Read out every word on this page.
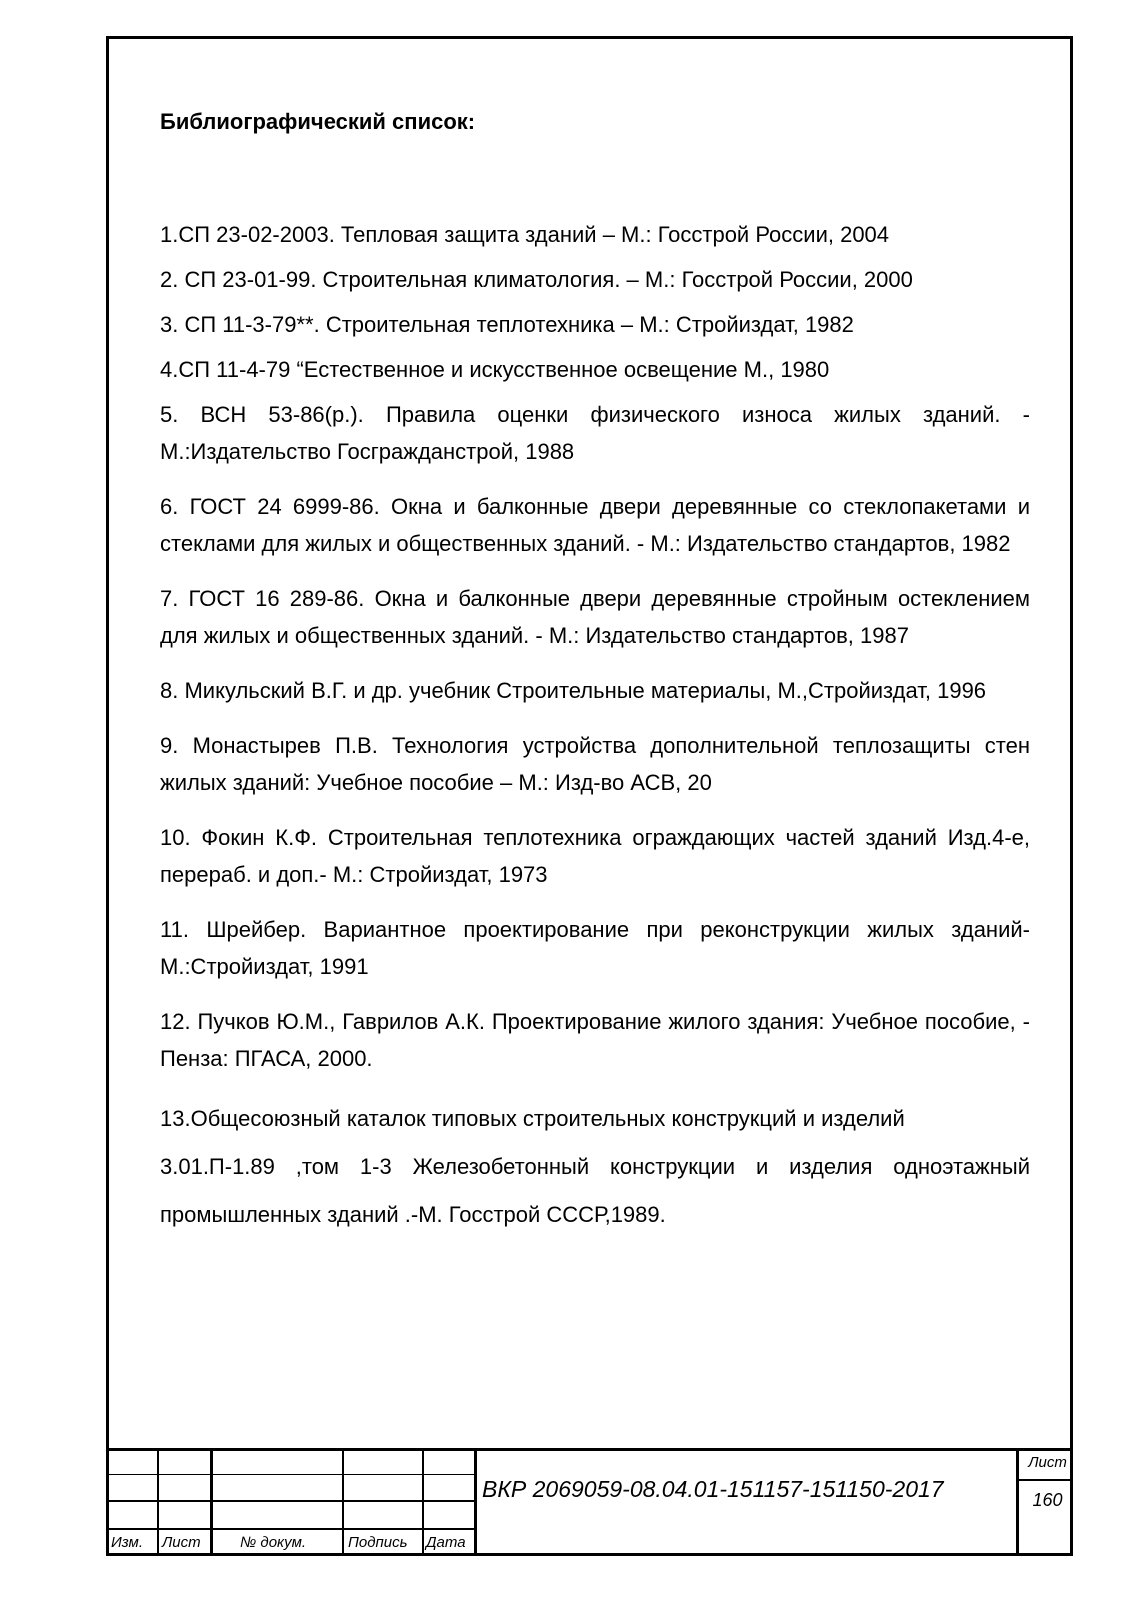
Библиографический список:

1.СП 23-02-2003. Тепловая защита зданий – М.: Госстрой России, 2004

2. СП 23-01-99. Строительная климатология. – М.: Госстрой России, 2000

3. СП 11-3-79**. Строительная теплотехника – М.: Стройиздат, 1982

4.СП 11-4-79 “Естественное и искусственное освещение М., 1980

5. ВСН 53-86(р.). Правила оценки физического износа жилых зданий. - М.:Издательство Госгражданстрой, 1988

6. ГОСТ 24 6999-86. Окна и балконные двери деревянные со стеклопакетами и стеклами для жилых и общественных зданий. - М.: Издательство стандартов, 1982

7. ГОСТ 16 289-86. Окна и балконные двери деревянные стройным остеклением для жилых и общественных зданий. - М.: Издательство стандартов, 1987

8. Микульский В.Г. и др. учебник Строительные материалы, М.,Стройиздат, 1996

9. Монастырев П.В. Технология устройства дополнительной теплозащиты стен жилых зданий: Учебное пособие – М.: Изд-во АСВ, 20

10. Фокин К.Ф. Строительная теплотехника ограждающих частей зданий Изд.4-е, перераб. и доп.- М.: Стройиздат, 1973

11. Шрейбер. Вариантное проектирование при реконструкции жилых зданий-М.:Стройиздат, 1991

12. Пучков Ю.М., Гаврилов А.К. Проектирование жилого здания: Учебное пособие, - Пенза: ПГАСА, 2000.

13.Общесоюзный каталок типовых строительных конструкций и изделий

3.01.П-1.89 ,том 1-3 Железобетонный конструкции и изделия одноэтажный промышленных зданий .-М. Госстрой СССР,1989.

Изм. Лист	№ докум.	Подпись Дата
ВКР 2069059-08.04.01-151157-151150-2017
Лист
160
